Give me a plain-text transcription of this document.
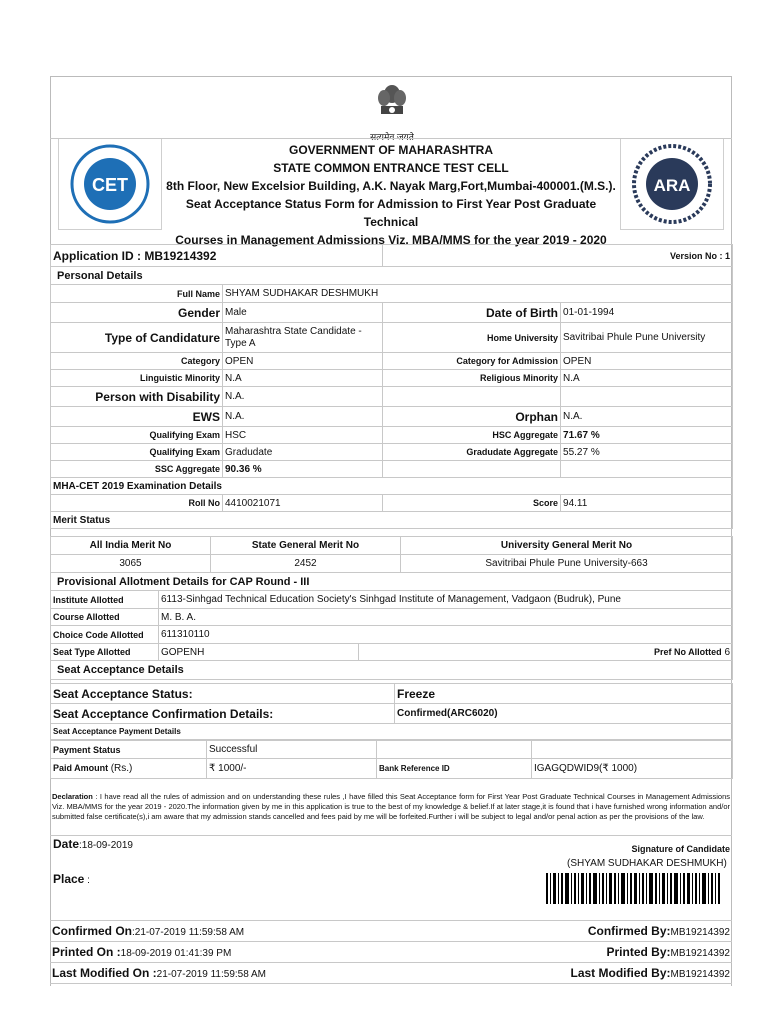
CET	ARA
सत्यमेव जयते
GOVERNMENT OF MAHARASHTRA
STATE COMMON ENTRANCE TEST CELL
8th Floor, New Excelsior Building, A.K. Nayak Marg,Fort,Mumbai-400001.(M.S.).
Seat Acceptance Status Form for Admission to First Year Post Graduate Technical
Courses in Management Admissions Viz. MBA/MMS for the year 2019 - 2020
Application ID : MB19214392		Version No : 1	
Personal Details			
Full Name	SHYAM SUDHAKAR DESHMUKH		
Gender	Male	Date of Birth	01-01-1994
Type of Candidature	Maharashtra State Candidate - Type A	Home University	Savitribai Phule Pune University
Category	OPEN	Category for Admission	OPEN
Linguistic Minority	N.A	Religious Minority	N.A
Person with Disability	N.A.		
EWS	N.A.	Orphan	N.A.
Qualifying Exam	HSC	HSC Aggregate	71.67 %
Qualifying Exam	Gradudate	Gradudate Aggregate	55.27 %
SSC Aggregate	90.36 %		
MHA-CET 2019 Examination Details			
Roll No	4410021071	Score	94.11
Merit Status			
All India Merit No	State General Merit No	University General Merit No
3065	2452	Savitribai Phule Pune University-663
Provisional Allotment Details for CAP Round - III		
Institute Allotted	6113-Sinhgad Technical Education Society's Sinhgad Institute of Management, Vadgaon (Budruk), Pune	
Course Allotted	M. B. A.	
Choice Code Allotted	611310110	
Seat Type Allotted	GOPENH	Pref No Allotted 6
Seat Acceptance Details		
Seat Acceptance Status:	Freeze
Seat Acceptance Confirmation Details:	Confirmed(ARC6020)
Seat Acceptance Payment Details	
Payment Status	Successful		
Paid Amount (Rs.)	₹ 1000/-	Bank Reference ID	IGAGQDWID9(₹ 1000)
Declaration : I have read all the rules of admission and on understanding these rules ,I have filled this Seat Acceptance form for First Year Post Graduate Technical Courses in Management Admissions Viz. MBA/MMS for the year 2019 - 2020.The information given by me in this application is true to the best of my knowledge & belief.If at later stage,it is found that i have furnished wrong information and/or submitted false certificate(s),i am aware that my admission stands cancelled and fees paid by me will be forfeited.Further i will be subject to legal and/or penal action as per the provisions of the law.
Date:18-09-2019
Place :
Signature of Candidate
(SHYAM SUDHAKAR DESHMUKH)
Confirmed On:21-07-2019 11:59:58 AM	Confirmed By:MB19214392
Printed On :18-09-2019 01:41:39 PM	Printed By:MB19214392
Last Modified On :21-07-2019 11:59:58 AM	Last Modified By:MB19214392
